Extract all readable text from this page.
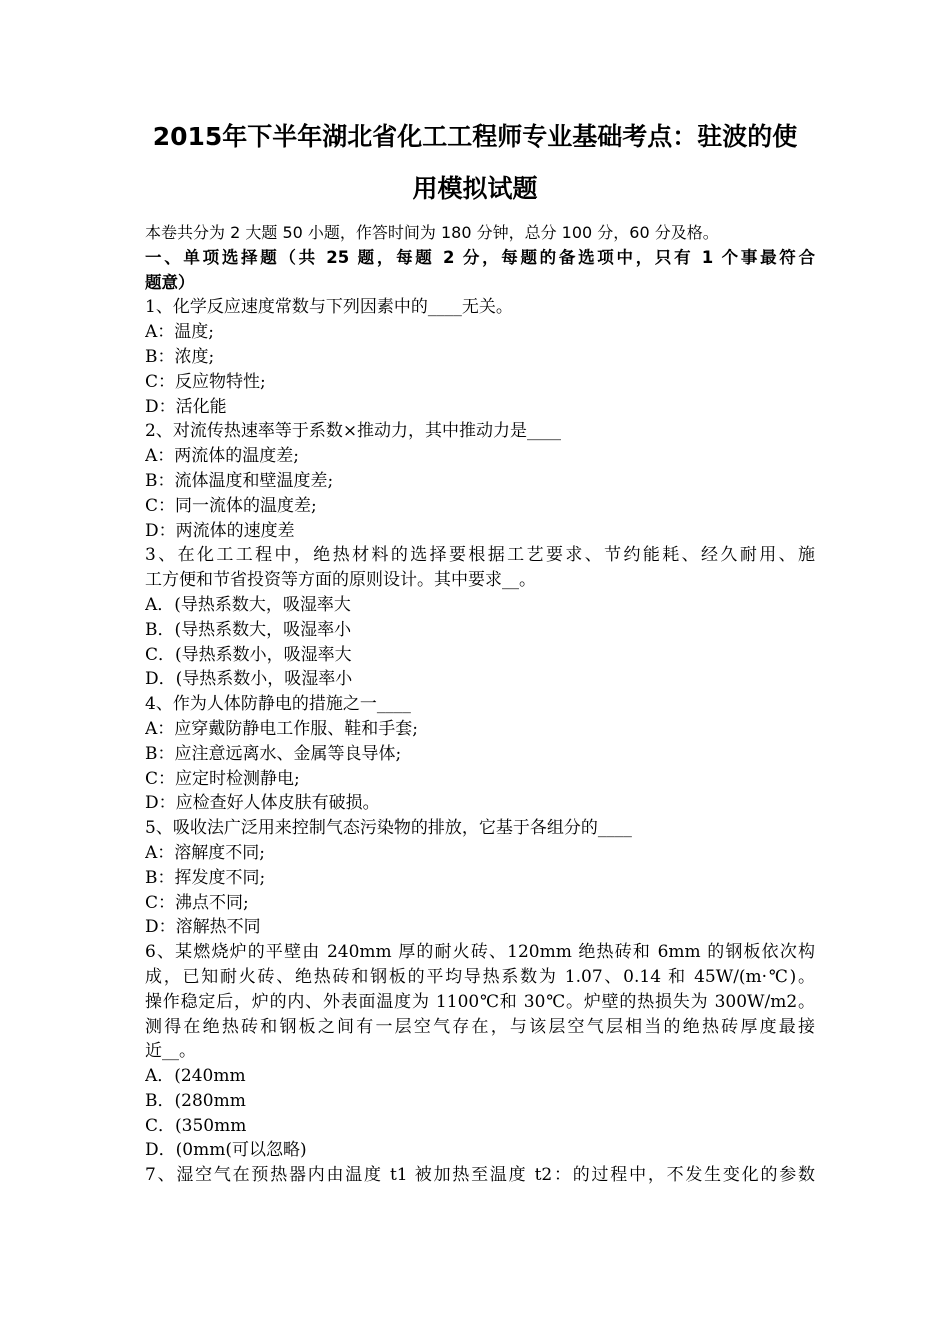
2015年下半年湖北省化工工程师专业基础考点：驻波的使
用模拟试题
本卷共分为 2 大题 50 小题，作答时间为 180 分钟，总分 100 分，60 分及格。
一、单项选择题（共 25 题，每题 2 分，每题的备选项中，只有 1 个事最符合
题意）
1、化学反应速度常数与下列因素中的____无关。
A：温度;
B：浓度;
C：反应物特性;
D：活化能
2、对流传热速率等于系数×推动力，其中推动力是____
A：两流体的温度差;
B：流体温度和壁温度差;
C：同一流体的温度差;
D：两流体的速度差
3、在化工工程中，绝热材料的选择要根据工艺要求、节约能耗、经久耐用、施
工方便和节省投资等方面的原则设计。其中要求__。
A．(导热系数大，吸湿率大
B．(导热系数大，吸湿率小
C．(导热系数小，吸湿率大
D．(导热系数小，吸湿率小
4、作为人体防静电的措施之一____
A：应穿戴防静电工作服、鞋和手套;
B：应注意远离水、金属等良导体;
C：应定时检测静电;
D：应检查好人体皮肤有破损。
5、吸收法广泛用来控制气态污染物的排放，它基于各组分的____
A：溶解度不同;
B：挥发度不同;
C：沸点不同;
D：溶解热不同
6、某燃烧炉的平壁由 240mm 厚的耐火砖、120mm 绝热砖和 6mm 的钢板依次构
成，已知耐火砖、绝热砖和钢板的平均导热系数为 1.07、0.14 和 45W/(m·℃)。
操作稳定后，炉的内、外表面温度为 1100℃和 30℃。炉壁的热损失为 300W/m2。
测得在绝热砖和钢板之间有一层空气存在，与该层空气层相当的绝热砖厚度最接
近__。
A．(240mm
B．(280mm
C．(350mm
D．(0mm(可以忽略)
7、湿空气在预热器内由温度 t1 被加热至温度 t2：的过程中，不发生变化的参数
